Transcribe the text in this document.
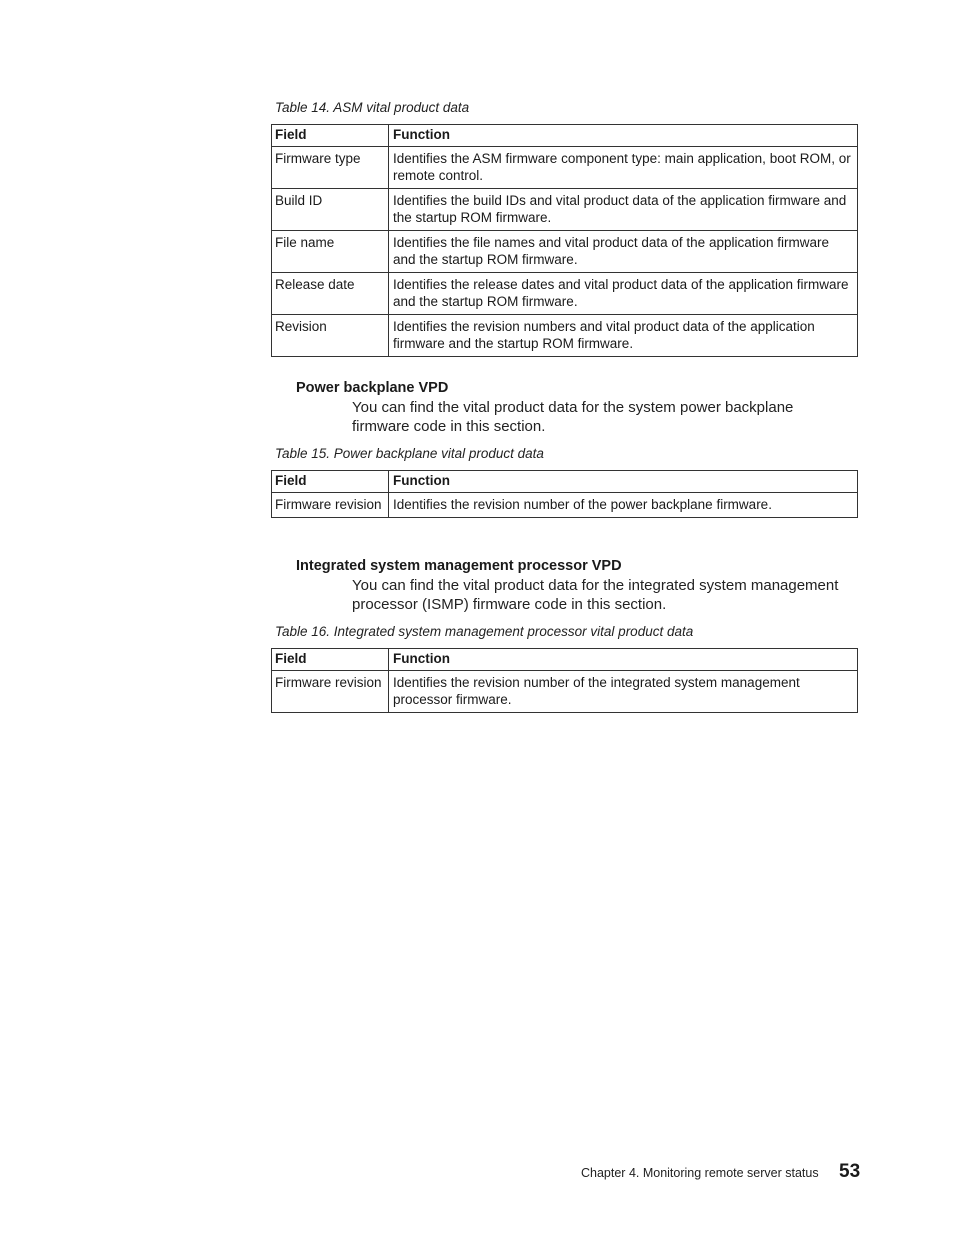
Table 14. ASM vital product data
Field	Function
Firmware type	Identifies the ASM firmware component type: main application, boot ROM, or remote control.
Build ID	Identifies the build IDs and vital product data of the application firmware and the startup ROM firmware.
File name	Identifies the file names and vital product data of the application firmware and the startup ROM firmware.
Release date	Identifies the release dates and vital product data of the application firmware and the startup ROM firmware.
Revision	Identifies the revision numbers and vital product data of the application firmware and the startup ROM firmware.
Power backplane VPD
You can find the vital product data for the system power backplane firmware code in this section.
Table 15. Power backplane vital product data
Field	Function
Firmware revision	Identifies the revision number of the power backplane firmware.
Integrated system management processor VPD
You can find the vital product data for the integrated system management processor (ISMP) firmware code in this section.
Table 16. Integrated system management processor vital product data
Field	Function
Firmware revision	Identifies the revision number of the integrated system management processor firmware.
Chapter 4. Monitoring remote server status 53
